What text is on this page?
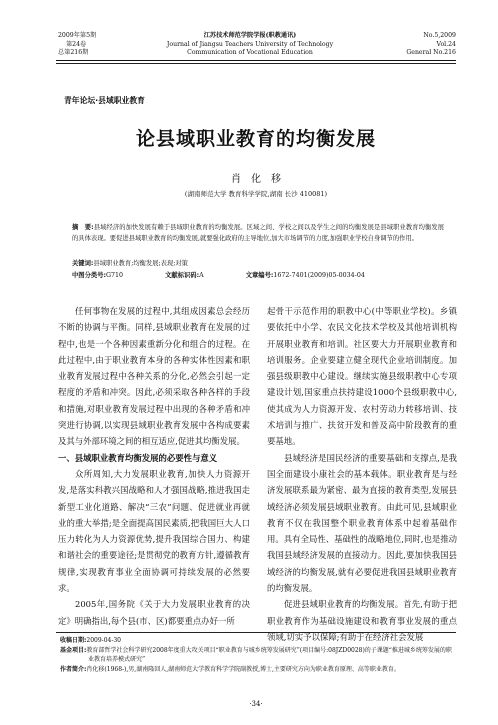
2009年第5期
第24卷
总第216期
江苏技术师范学院学报(职教通讯)
Journal of Jiangsu Teachers University of Technology
Communication of Vocational Education
No.5,2009
Vol.24
General No.216
青年论坛·县域职业教育
论县域职业教育的均衡发展
肖　化　移
(湖南师范大学 教育科学学院,湖南 长沙 410081)
摘　要:县域经济的加快发展有赖于县域职业教育的均衡发展。区域之间、学校之间以及学生之间的均衡发展是县域职业教育均衡发展的具体表现。要促进县域职业教育的均衡发展,就要强化政府的主导地位,加大市场调节的力度,加强职业学校自身调节的作用。
关键词:县域职业教育;均衡发展;表现;对策
中图分类号:G710	文献标识码:A	文章编号:1672-7401(2009)05-0034-04

任何事物在发展的过程中,其组成因素总会经历不断的协调与平衡。同样,县域职业教育在发展的过程中,也是一个各种因素重新分化和组合的过程。在此过程中,由于职业教育本身的各种实体性因素和职业教育发展过程中各种关系的分化,必然会引起一定程度的矛盾和冲突。因此,必须采取各种各样的手段和措施,对职业教育发展过程中出现的各种矛盾和冲突进行协调,以实现县域职业教育发展中各构成要素及其与外部环境之间的相互适应,促进其均衡发展。

一、县域职业教育均衡发展的必要性与意义

众所周知,大力发展职业教育,加快人力资源开发,是落实科教兴国战略和人才强国战略,推进我国走新型工业化道路、解决“三农”问题、促进就业再就业的重大举措;是全面提高国民素质,把我国巨大人口压力转化为人力资源优势,提升我国综合国力、构建和谐社会的重要途径;是贯彻党的教育方针,遵循教育规律,实现教育事业全面协调可持续发展的必然要求。

2005年,国务院《关于大力发展职业教育的决定》明确指出,每个县(市、区)都要重点办好一所

起骨干示范作用的职教中心(中等职业学校)。乡镇要依托中小学、农民文化技术学校及其他培训机构开展职业教育和培训。社区要大力开展职业教育和培训服务。企业要建立健全现代企业培训制度。加强县级职教中心建设。继续实施县级职教中心专项建设计划,国家重点扶持建设1000个县级职教中心,使其成为人力资源开发、农村劳动力转移培训、技术培训与推广、扶贫开发和普及高中阶段教育的重要基地。

县域经济是国民经济的重要基础和支撑点,是我国全面建设小康社会的基本载体。职业教育是与经济发展联系最为紧密、最为直接的教育类型,发展县域经济必须发展县域职业教育。由此可见,县域职业教育不仅在我国整个职业教育体系中起着基础作用。具有全局性、基础性的战略地位,同时,也是推动我国县域经济发展的直接动力。因此,要加快我国县域经济的均衡发展,就有必要促进我国县域职业教育的均衡发展。

促进县域职业教育的均衡发展。首先,有助于把职业教育作为基础设施建设和教育事业发展的重点领域,切实予以保障;有助于在经济社会发展

收稿日期:2009-04-30
基金项目:教育部哲学社会科学研究2008年度重大攻关项目“职业教育与城乡统筹发展研究”(项目编号:08JZD0028)的子课题“推进城乡统筹发展的职业教育培养模式研究”
作者简介:肖化移(1968-),男,湖南隆回人,湖南师范大学教育科学学院副教授,博士,主要研究方向为职业教育原理、高等职业教育。
·34·
